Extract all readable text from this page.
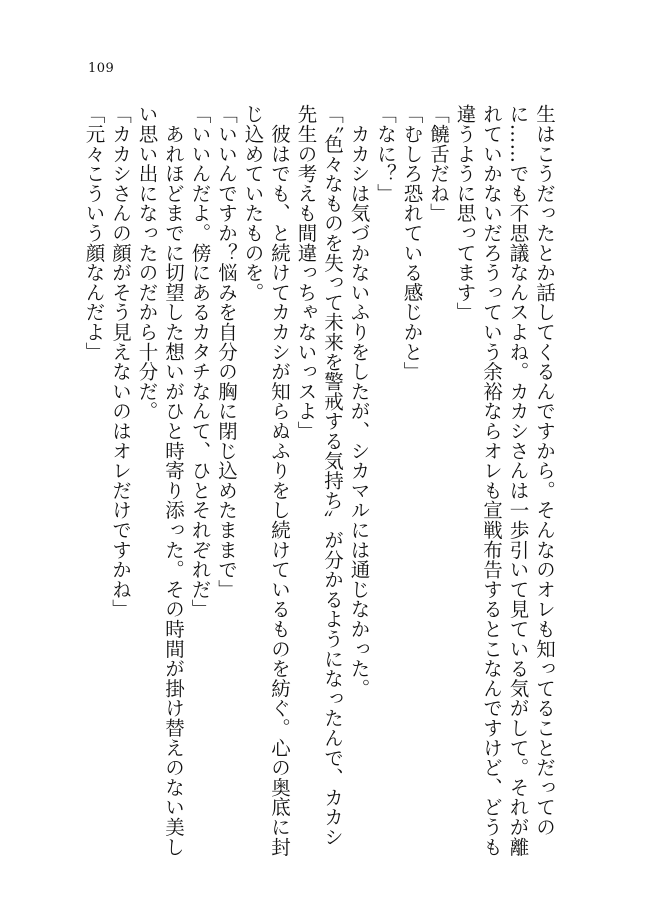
109
生はこうだったとか話してくるんですから。そんなのオレも知ってることだっての
に……でも不思議なんスよね。カカシさんは一歩引いて見ている気がして。それが離
れていかないだろうっていう余裕ならオレも宣戦布告するとこなんですけど、どうも
違うように思ってます」
「饒舌だね」
「むしろ恐れている感じかと」
「なに？」
　カカシは気づかないふりをしたが、シカマルには通じなかった。
「〝色々なものを失って未来を警戒する気持ち〟が分かるようになったんで、カカシ
先生の考えも間違っちゃないっスよ」
　彼はでも、と続けてカカシが知らぬふりをし続けているものを紡ぐ。心の奥底に封
じ込めていたものを。
「いいんですか？悩みを自分の胸に閉じ込めたままで」
「いいんだよ。傍にあるカタチなんて、ひとそれぞれだ」
　あれほどまでに切望した想いがひと時寄り添った。その時間が掛け替えのない美し
い思い出になったのだから十分だ。
「カカシさんの顔がそう見えないのはオレだけですかね」
「元々こういう顔なんだよ」
